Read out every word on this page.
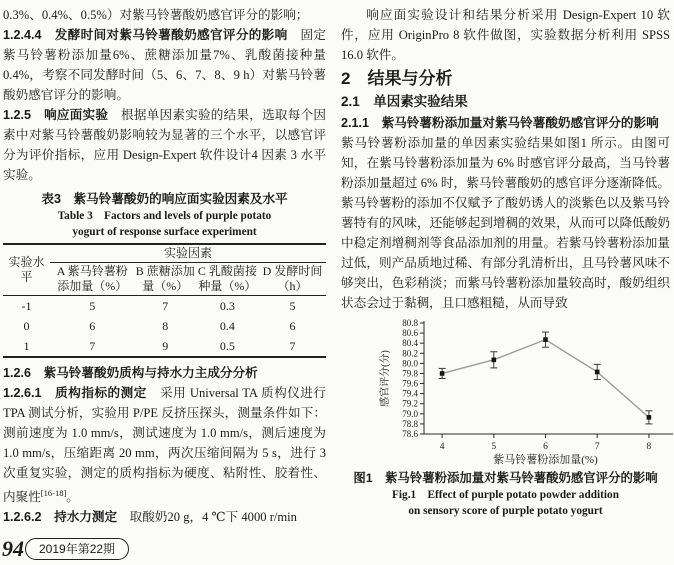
0.3%、0.4%、0.5%）对紫马铃薯酸奶感官评分的影响；

1.2.4.4　发酵时间对紫马铃薯酸奶感官评分的影响　固定紫马铃薯粉添加量6%、蔗糖添加量7%、乳酸菌接种量0.4%，考察不同发酵时间（5、6、7、8、9 h）对紫马铃薯酸奶感官评分的影响。

1.2.5　响应面实验　根据单因素实验的结果，选取每个因素中对紫马铃薯酸奶影响较为显著的三个水平，以感官评分为评价指标，应用 Design-Expert 软件设计4 因素 3 水平实验。

表3　紫马铃薯酸奶的响应面实验因素及水平

Table 3　Factors and levels of purple potato
yogurt of response surface experiment

实验水平	实验因素			
	A 紫马铃薯粉添加量（%）	B 蔗糖添加量（%）	C 乳酸菌接种量（%）	D 发酵时间（h）
-1	5	7	0.3	5
0	6	8	0.4	6
1	7	9	0.5	7

1.2.6　紫马铃薯酸奶质构与持水力主成分分析

1.2.6.1　质构指标的测定　采用 Universal TA 质构仪进行 TPA 测试分析，实验用 P/PE 反挤压探头，测量条件如下：测前速度为 1.0 mm/s，测试速度为 1.0 mm/s，测后速度为 1.0 mm/s，压缩距离 20 mm，两次压缩间隔为 5 s，进行 3 次重复实验，测定的质构指标为硬度、粘附性、胶着性、内聚性[16-18]。

1.2.6.2　持水力测定　取酸奶20 g，4 ℃下 4000 r/min

响应面实验设计和结果分析采用 Design-Expert 10 软件，应用 OriginPro 8 软件做图，实验数据分析利用 SPSS 16.0 软件。

2　结果与分析

2.1　单因素实验结果

2.1.1　紫马铃薯粉添加量对紫马铃薯酸奶感官评分的影响　紫马铃薯粉添加量的单因素实验结果如图1 所示。由图可知，在紫马铃薯粉添加量为 6% 时感官评分最高，当马铃薯粉添加量超过 6% 时，紫马铃薯酸奶的感官评分逐渐降低。紫马铃薯粉的添加不仅赋予了酸奶诱人的淡紫色以及紫马铃薯特有的风味，还能够起到增稠的效果，从而可以降低酸奶中稳定剂增稠剂等食品添加剂的用量。若紫马铃薯粉添加量过低，则产品质地过稀、有部分乳清析出，且马铃薯风味不够突出，色彩稍淡；而紫马铃薯粉添加量较高时，酸奶组织状态会过于黏稠，且口感粗糙，从而导致

78.6
78.8
79.0
79.2
79.4
79.6
79.8
80.0
80.2
80.4
80.6
80.8
4	5	6	7	8
感官评分(分)
紫马铃薯粉添加量(%)

图1　紫马铃薯粉添加量对紫马铃薯酸奶感官评分的影响

Fig.1　Effect of purple potato powder addition
on sensory score of purple potato yogurt

94	2019年第22期
